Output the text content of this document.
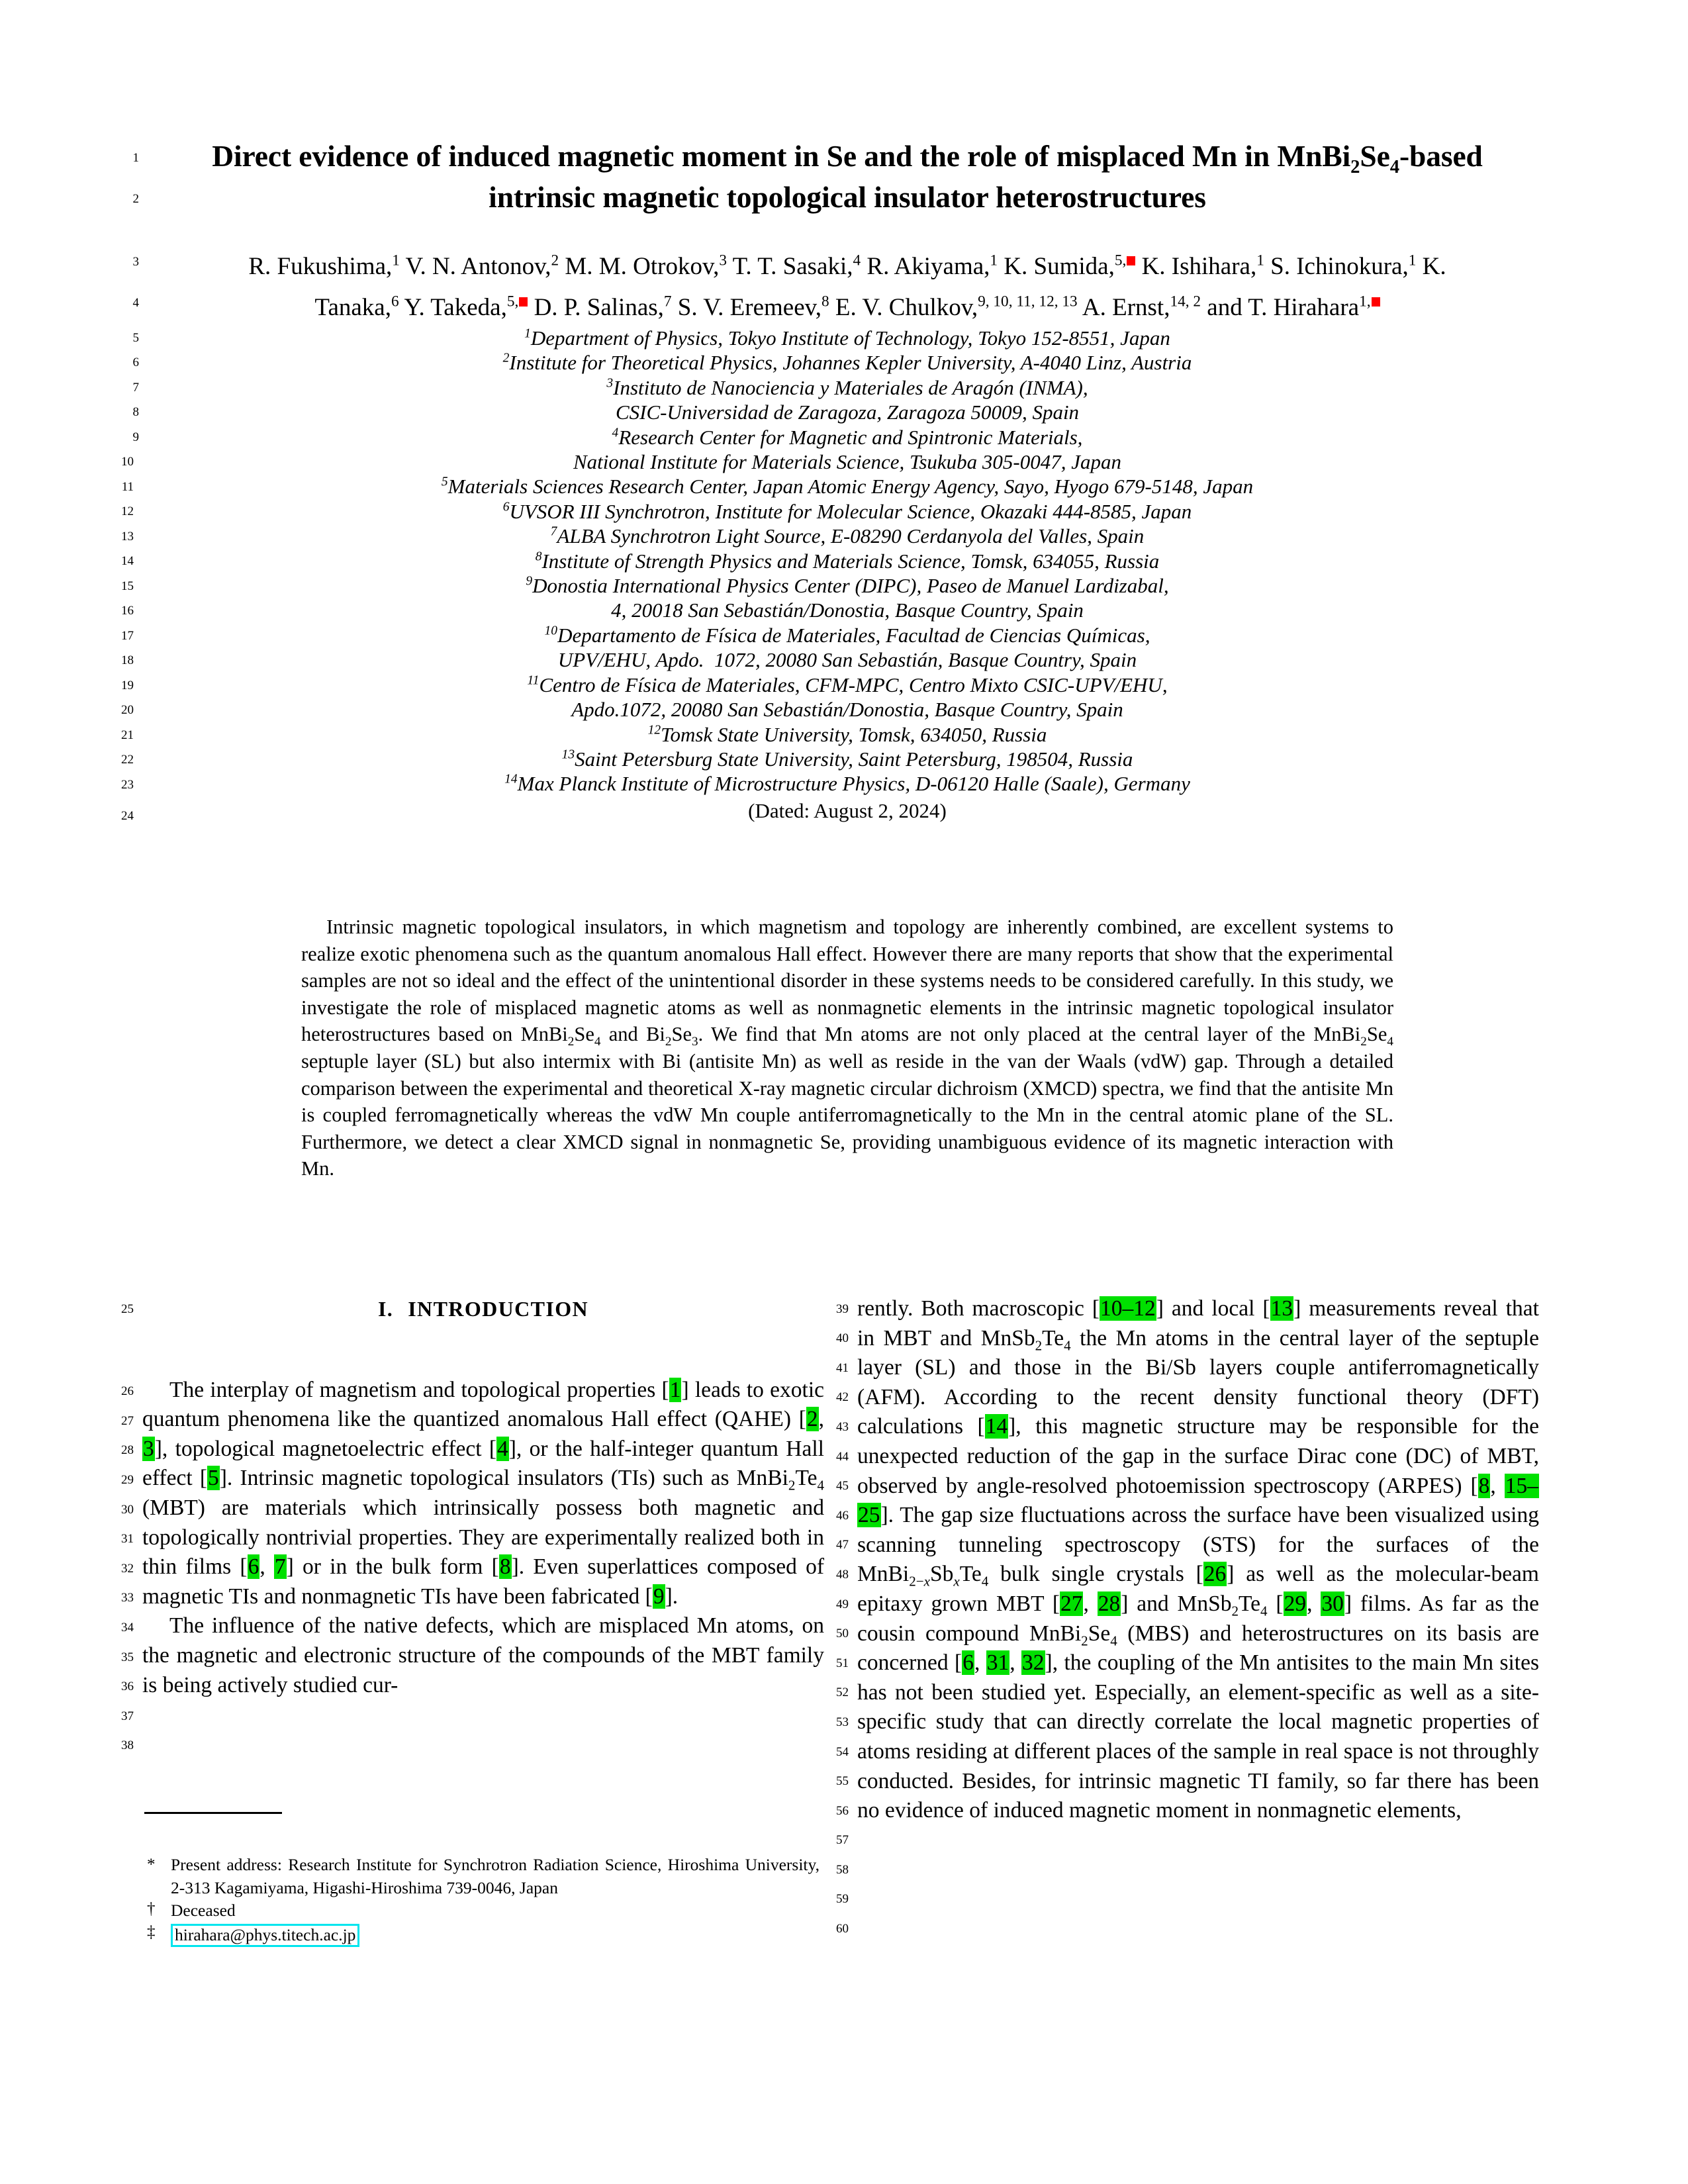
Direct evidence of induced magnetic moment in Se and the role of misplaced Mn in $MnBi_2Se_4$-based
intrinsic magnetic topological insulator heterostructures
1
2
R. Fukushima,$^1$ V. N. Antonov,$^2$ M. M. Otrokov,$^3$ T. T. Sasaki,$^4$ R. Akiyama,$^1$ K. Sumida,$^{5,}$ K. Ishihara,$^1$ S. Ichinokura,$^1$ K.
Tanaka,$^6$ Y. Takeda,$^{5,}$ D. P. Salinas,$^7$ S. V. Eremeev,$^8$ E. V. Chulkov,$^{9, 10, 11, 12, 13}$ A. Ernst,$^{14, 2}$ and T. Hirahara$^{1,}$
3
4
$^1$Department of Physics, Tokyo Institute of Technology, Tokyo 152-8551, Japan
$^2$Institute for Theoretical Physics, Johannes Kepler University, A-4040 Linz, Austria
$^3$Instituto de Nanociencia y Materiales de Aragón (INMA),
CSIC-Universidad de Zaragoza, Zaragoza 50009, Spain
$^4$Research Center for Magnetic and Spintronic Materials,
National Institute for Materials Science, Tsukuba 305-0047, Japan
$^5$Materials Sciences Research Center, Japan Atomic Energy Agency, Sayo, Hyogo 679-5148, Japan
$^6$UVSOR III Synchrotron, Institute for Molecular Science, Okazaki 444-8585, Japan
$^7$ALBA Synchrotron Light Source, E-08290 Cerdanyola del Valles, Spain
$^8$Institute of Strength Physics and Materials Science, Tomsk, 634055, Russia
$^9$Donostia International Physics Center (DIPC), Paseo de Manuel Lardizabal,
4, 20018 San Sebastián/Donostia, Basque Country, Spain
$^{10}$Departamento de Física de Materiales, Facultad de Ciencias Químicas,
UPV/EHU, Apdo.  1072, 20080 San Sebastián, Basque Country, Spain
$^{11}$Centro de Física de Materiales, CFM-MPC, Centro Mixto CSIC-UPV/EHU,
Apdo.1072, 20080 San Sebastián/Donostia, Basque Country, Spain
$^{12}$Tomsk State University, Tomsk, 634050, Russia
$^{13}$Saint Petersburg State University, Saint Petersburg, 198504, Russia
$^{14}$Max Planck Institute of Microstructure Physics, D-06120 Halle (Saale), Germany
(Dated: August 2, 2024)
5
6
7
8
9
10
11
12
13
14
15
16
17
18
19
20
21
22
23
24

Intrinsic magnetic topological insulators, in which magnetism and topology are inherently combined, are excellent systems to realize exotic phenomena such as the quantum anomalous Hall effect. However there are many reports that show that the experimental samples are not so ideal and the effect of the unintentional disorder in these systems needs to be considered carefully. In this study, we investigate the role of misplaced magnetic atoms as well as nonmagnetic elements in the intrinsic magnetic topological insulator heterostructures based on $MnBi_2Se_4$ and $Bi_2Se_3$. We find that Mn atoms are not only placed at the central layer of the $MnBi_2Se_4$ septuple layer (SL) but also intermix with Bi (antisite Mn) as well as reside in the van der Waals (vdW) gap. Through a detailed comparison between the experimental and theoretical X-ray magnetic circular dichroism (XMCD) spectra, we find that the antisite Mn is coupled ferromagnetically whereas the vdW Mn couple antiferromagnetically to the Mn in the central atomic plane of the SL. Furthermore, we detect a clear XMCD signal in nonmagnetic Se, providing unambiguous evidence of its magnetic interaction with Mn.

I. INTRODUCTION

The interplay of magnetism and topological properties [1] leads to exotic quantum phenomena like the quantized anomalous Hall effect (QAHE) [2, 3], topological magnetoelectric effect [4], or the half-integer quantum Hall effect [5]. Intrinsic magnetic topological insulators (TIs) such as $MnBi_2Te_4$ (MBT) are materials which intrinsically possess both magnetic and topologically nontrivial properties. They are experimentally realized both in thin films [6, 7] or in the bulk form [8]. Even superlattices composed of magnetic TIs and nonmagnetic TIs have been fabricated [9].

The influence of the native defects, which are misplaced Mn atoms, on the magnetic and electronic structure of the compounds of the MBT family is being actively studied cur-

25
26
27
28
29
30
31
32
33
34
35
36
37
38

rently. Both macroscopic [10–12] and local [13] measurements reveal that in MBT and $MnSb_2Te_4$ the Mn atoms in the central layer of the septuple layer (SL) and those in the Bi/Sb layers couple antiferromagnetically (AFM). According to the recent density functional theory (DFT) calculations [14], this magnetic structure may be responsible for the unexpected reduction of the gap in the surface Dirac cone (DC) of MBT, observed by angle-resolved photoemission spectroscopy (ARPES) [8, 15–25]. The gap size fluctuations across the surface have been visualized using scanning tunneling spectroscopy (STS) for the surfaces of the $MnBi_{2-x}Sb_xTe_4$ bulk single crystals [26] as well as the molecular-beam epitaxy grown MBT [27, 28] and $MnSb_2Te_4$ [29, 30] films. As far as the cousin compound $MnBi_2Se_4$ (MBS) and heterostructures on its basis are concerned [6, 31, 32], the coupling of the Mn antisites to the main Mn sites has not been studied yet. Especially, an element-specific as well as a site-specific study that can directly correlate the local magnetic properties of atoms residing at different places of the sample in real space is not throughly conducted. Besides, for intrinsic magnetic TI family, so far there has been no evidence of induced magnetic moment in nonmagnetic elements,

39
40
41
42
43
44
45
46
47
48
49
50
51
52
53
54
55
56
57
58
59
60
* Present address: Research Institute for Synchrotron Radiation Science, Hiroshima University, 2-313 Kagamiyama, Higashi-Hiroshima 739-0046, Japan
† Deceased
‡ hirahara@phys.titech.ac.jp
